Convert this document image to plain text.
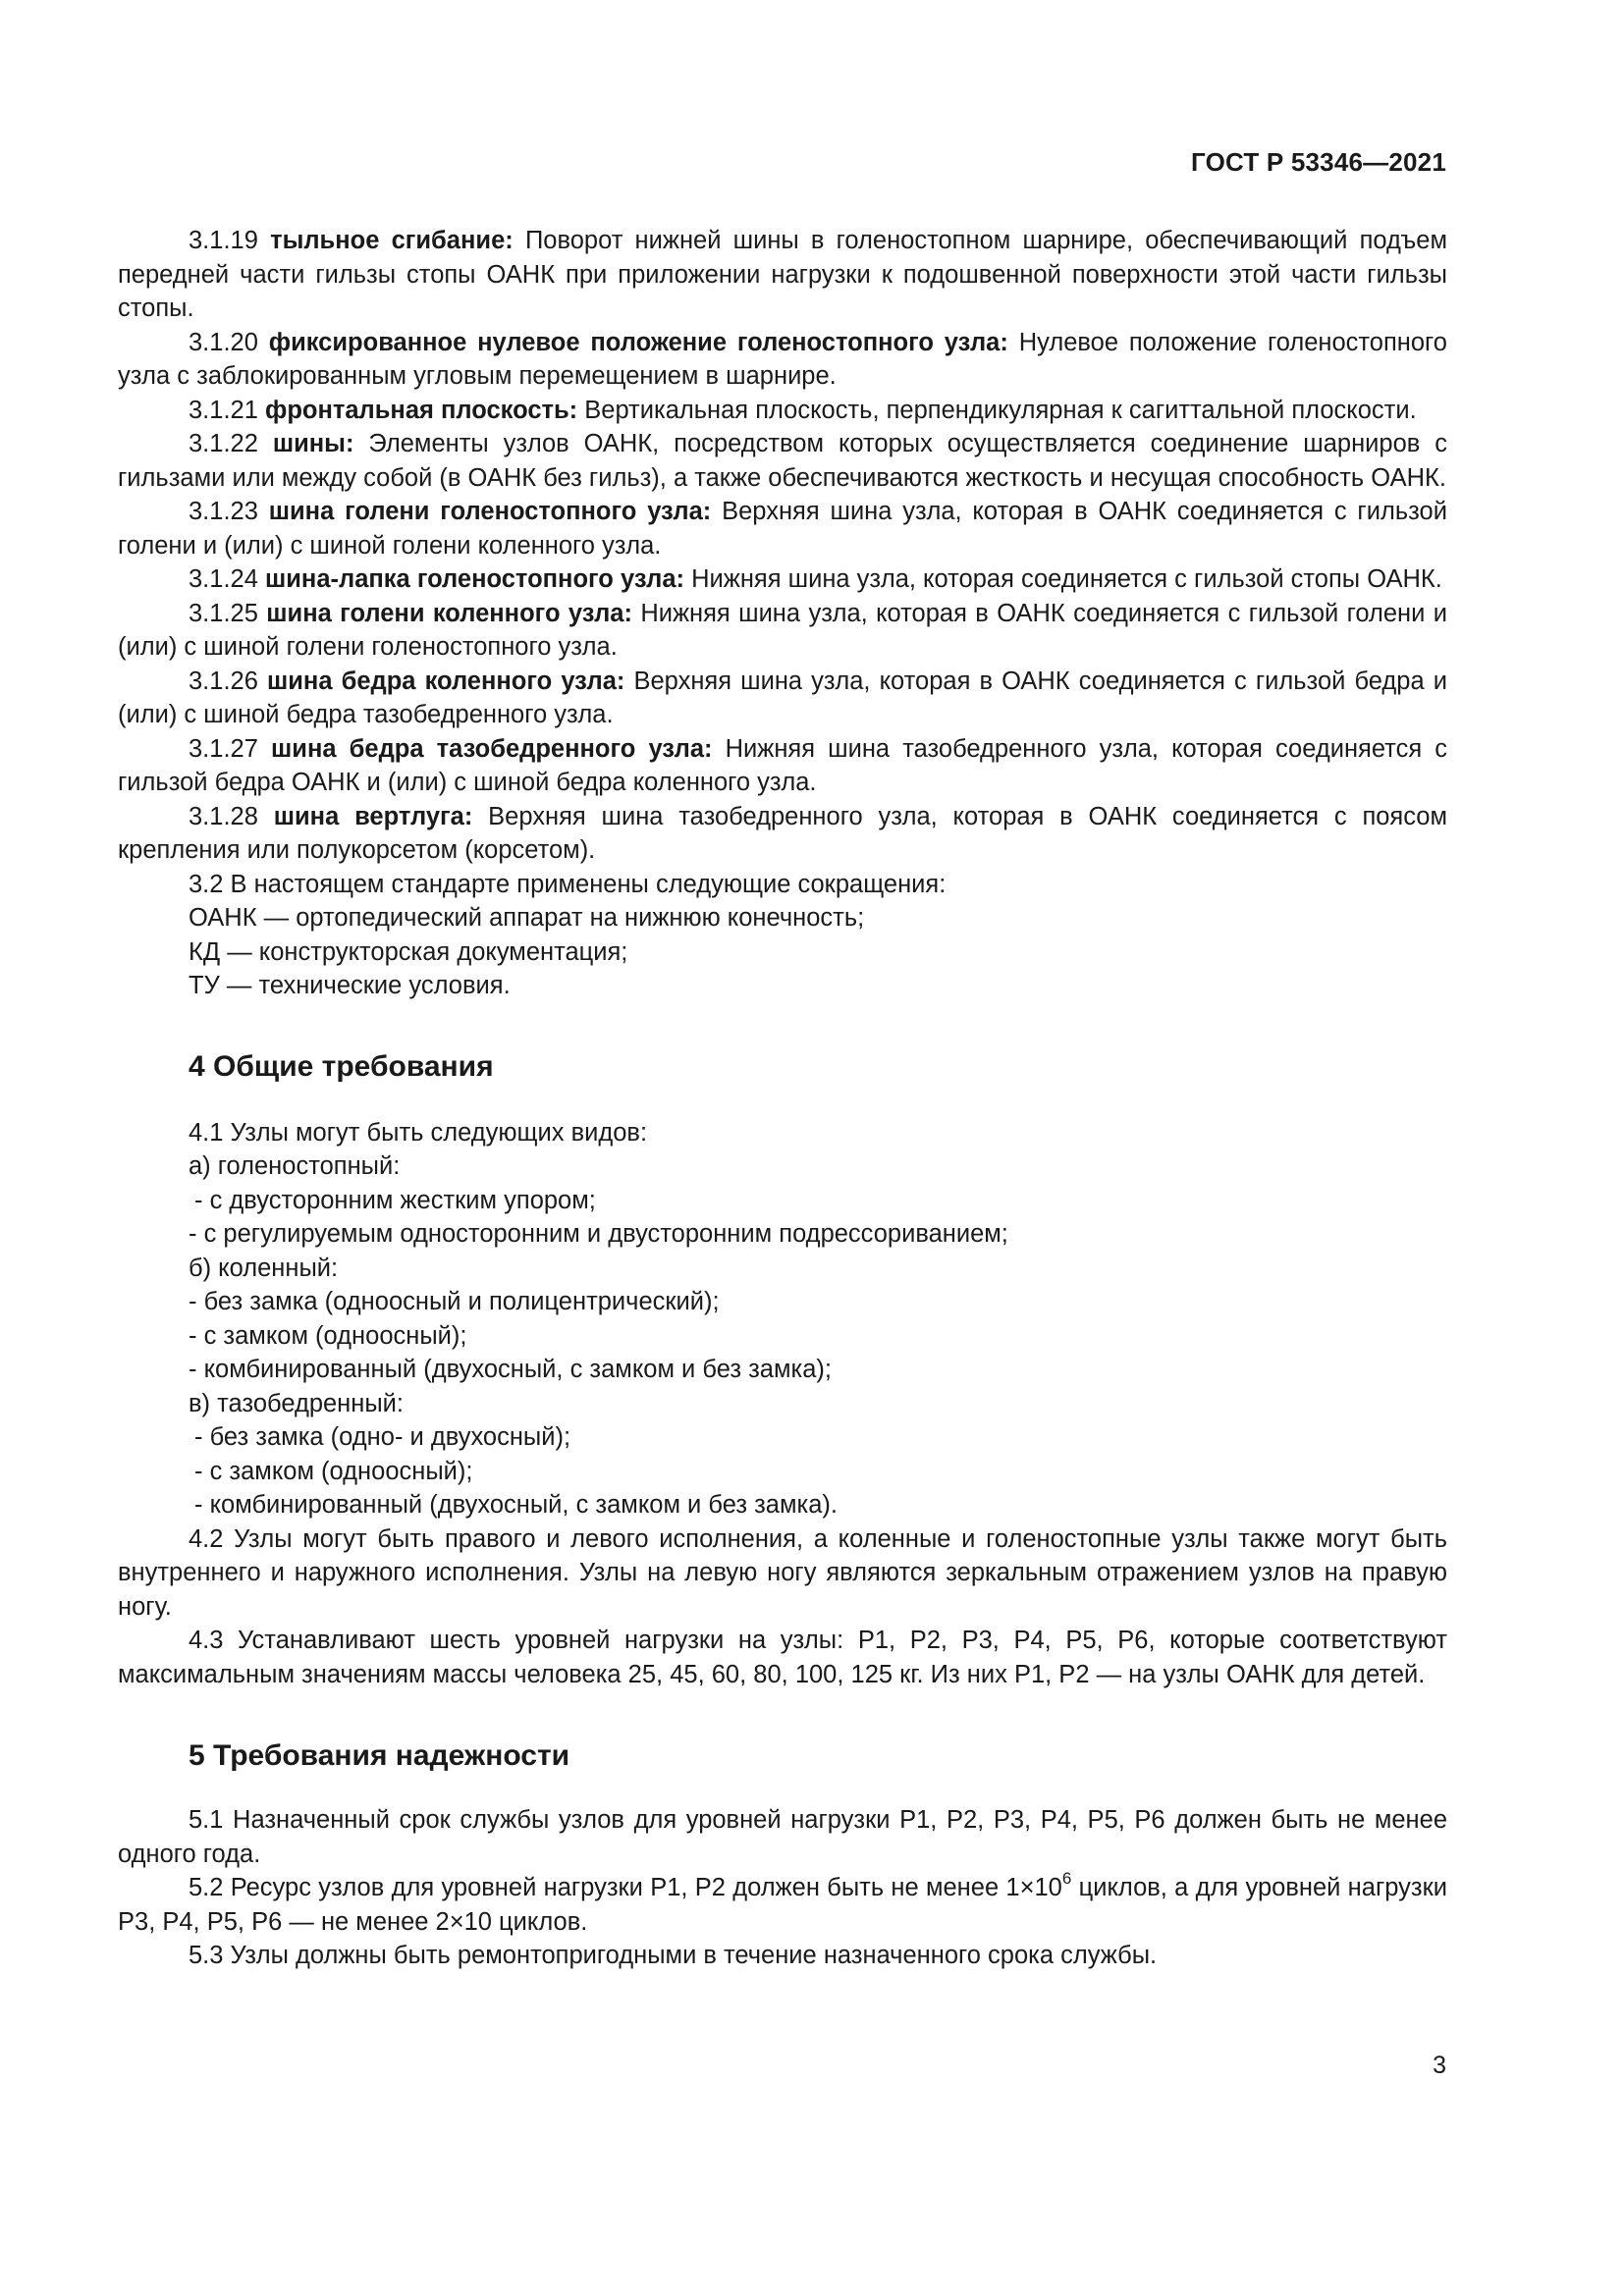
ГОСТ Р 53346—2021

3.1.19 тыльное сгибание: Поворот нижней шины в голеностопном шарнире, обеспечивающий подъем передней части гильзы стопы ОАНК при приложении нагрузки к подошвенной поверхности этой части гильзы стопы.

3.1.20 фиксированное нулевое положение голеностопного узла: Нулевое положение голеностопного узла с заблокированным угловым перемещением в шарнире.

3.1.21 фронтальная плоскость: Вертикальная плоскость, перпендикулярная к сагиттальной плоскости.

3.1.22 шины: Элементы узлов ОАНК, посредством которых осуществляется соединение шарниров с гильзами или между собой (в ОАНК без гильз), а также обеспечиваются жесткость и несущая способность ОАНК.

3.1.23 шина голени голеностопного узла: Верхняя шина узла, которая в ОАНК соединяется с гильзой голени и (или) с шиной голени коленного узла.

3.1.24 шина-лапка голеностопного узла: Нижняя шина узла, которая соединяется с гильзой стопы ОАНК.

3.1.25 шина голени коленного узла: Нижняя шина узла, которая в ОАНК соединяется с гильзой голени и (или) с шиной голени голеностопного узла.

3.1.26 шина бедра коленного узла: Верхняя шина узла, которая в ОАНК соединяется с гильзой бедра и (или) с шиной бедра тазобедренного узла.

3.1.27 шина бедра тазобедренного узла: Нижняя шина тазобедренного узла, которая соединяется с гильзой бедра ОАНК и (или) с шиной бедра коленного узла.

3.1.28 шина вертлуга: Верхняя шина тазобедренного узла, которая в ОАНК соединяется с поясом крепления или полукорсетом (корсетом).

3.2 В настоящем стандарте применены следующие сокращения:

ОАНК — ортопедический аппарат на нижнюю конечность;

КД — конструкторская документация;

ТУ — технические условия.

4 Общие требования

4.1 Узлы могут быть следующих видов:

а) голеностопный:

- с двусторонним жестким упором;

- с регулируемым односторонним и двусторонним подрессориванием;

б) коленный:

- без замка (одноосный и полицентрический);

- с замком (одноосный);

- комбинированный (двухосный, с замком и без замка);

в) тазобедренный:

- без замка (одно- и двухосный);

- с замком (одноосный);

- комбинированный (двухосный, с замком и без замка).

4.2 Узлы могут быть правого и левого исполнения, а коленные и голеностопные узлы также могут быть внутреннего и наружного исполнения. Узлы на левую ногу являются зеркальным отражением узлов на правую ногу.

4.3 Устанавливают шесть уровней нагрузки на узлы: Р1, Р2, Р3, Р4, Р5, Р6, которые соответствуют максимальным значениям массы человека 25, 45, 60, 80, 100, 125 кг. Из них Р1, Р2 — на узлы ОАНК для детей.

5 Требования надежности

5.1 Назначенный срок службы узлов для уровней нагрузки Р1, Р2, Р3, Р4, Р5, Р6 должен быть не менее одного года.

5.2 Ресурс узлов для уровней нагрузки Р1, Р2 должен быть не менее $1\times 10^6$ циклов, а для уровней нагрузки Р3, Р4, Р5, Р6 — не менее 2×10 циклов.

5.3 Узлы должны быть ремонтопригодными в течение назначенного срока службы.

3
